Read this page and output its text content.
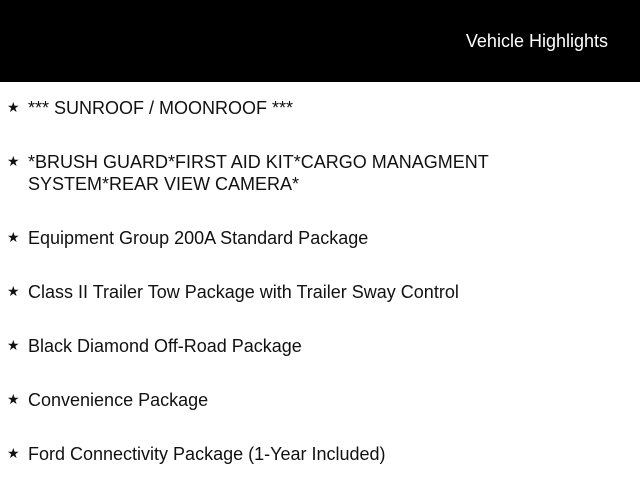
Vehicle Highlights
★ *** SUNROOF / MOONROOF ***
★ *BRUSH GUARD*FIRST AID KIT*CARGO MANAGMENT SYSTEM*REAR VIEW CAMERA*
★ Equipment Group 200A Standard Package
★ Class II Trailer Tow Package with Trailer Sway Control
★ Black Diamond Off-Road Package
★ Convenience Package
★ Ford Connectivity Package (1-Year Included)
